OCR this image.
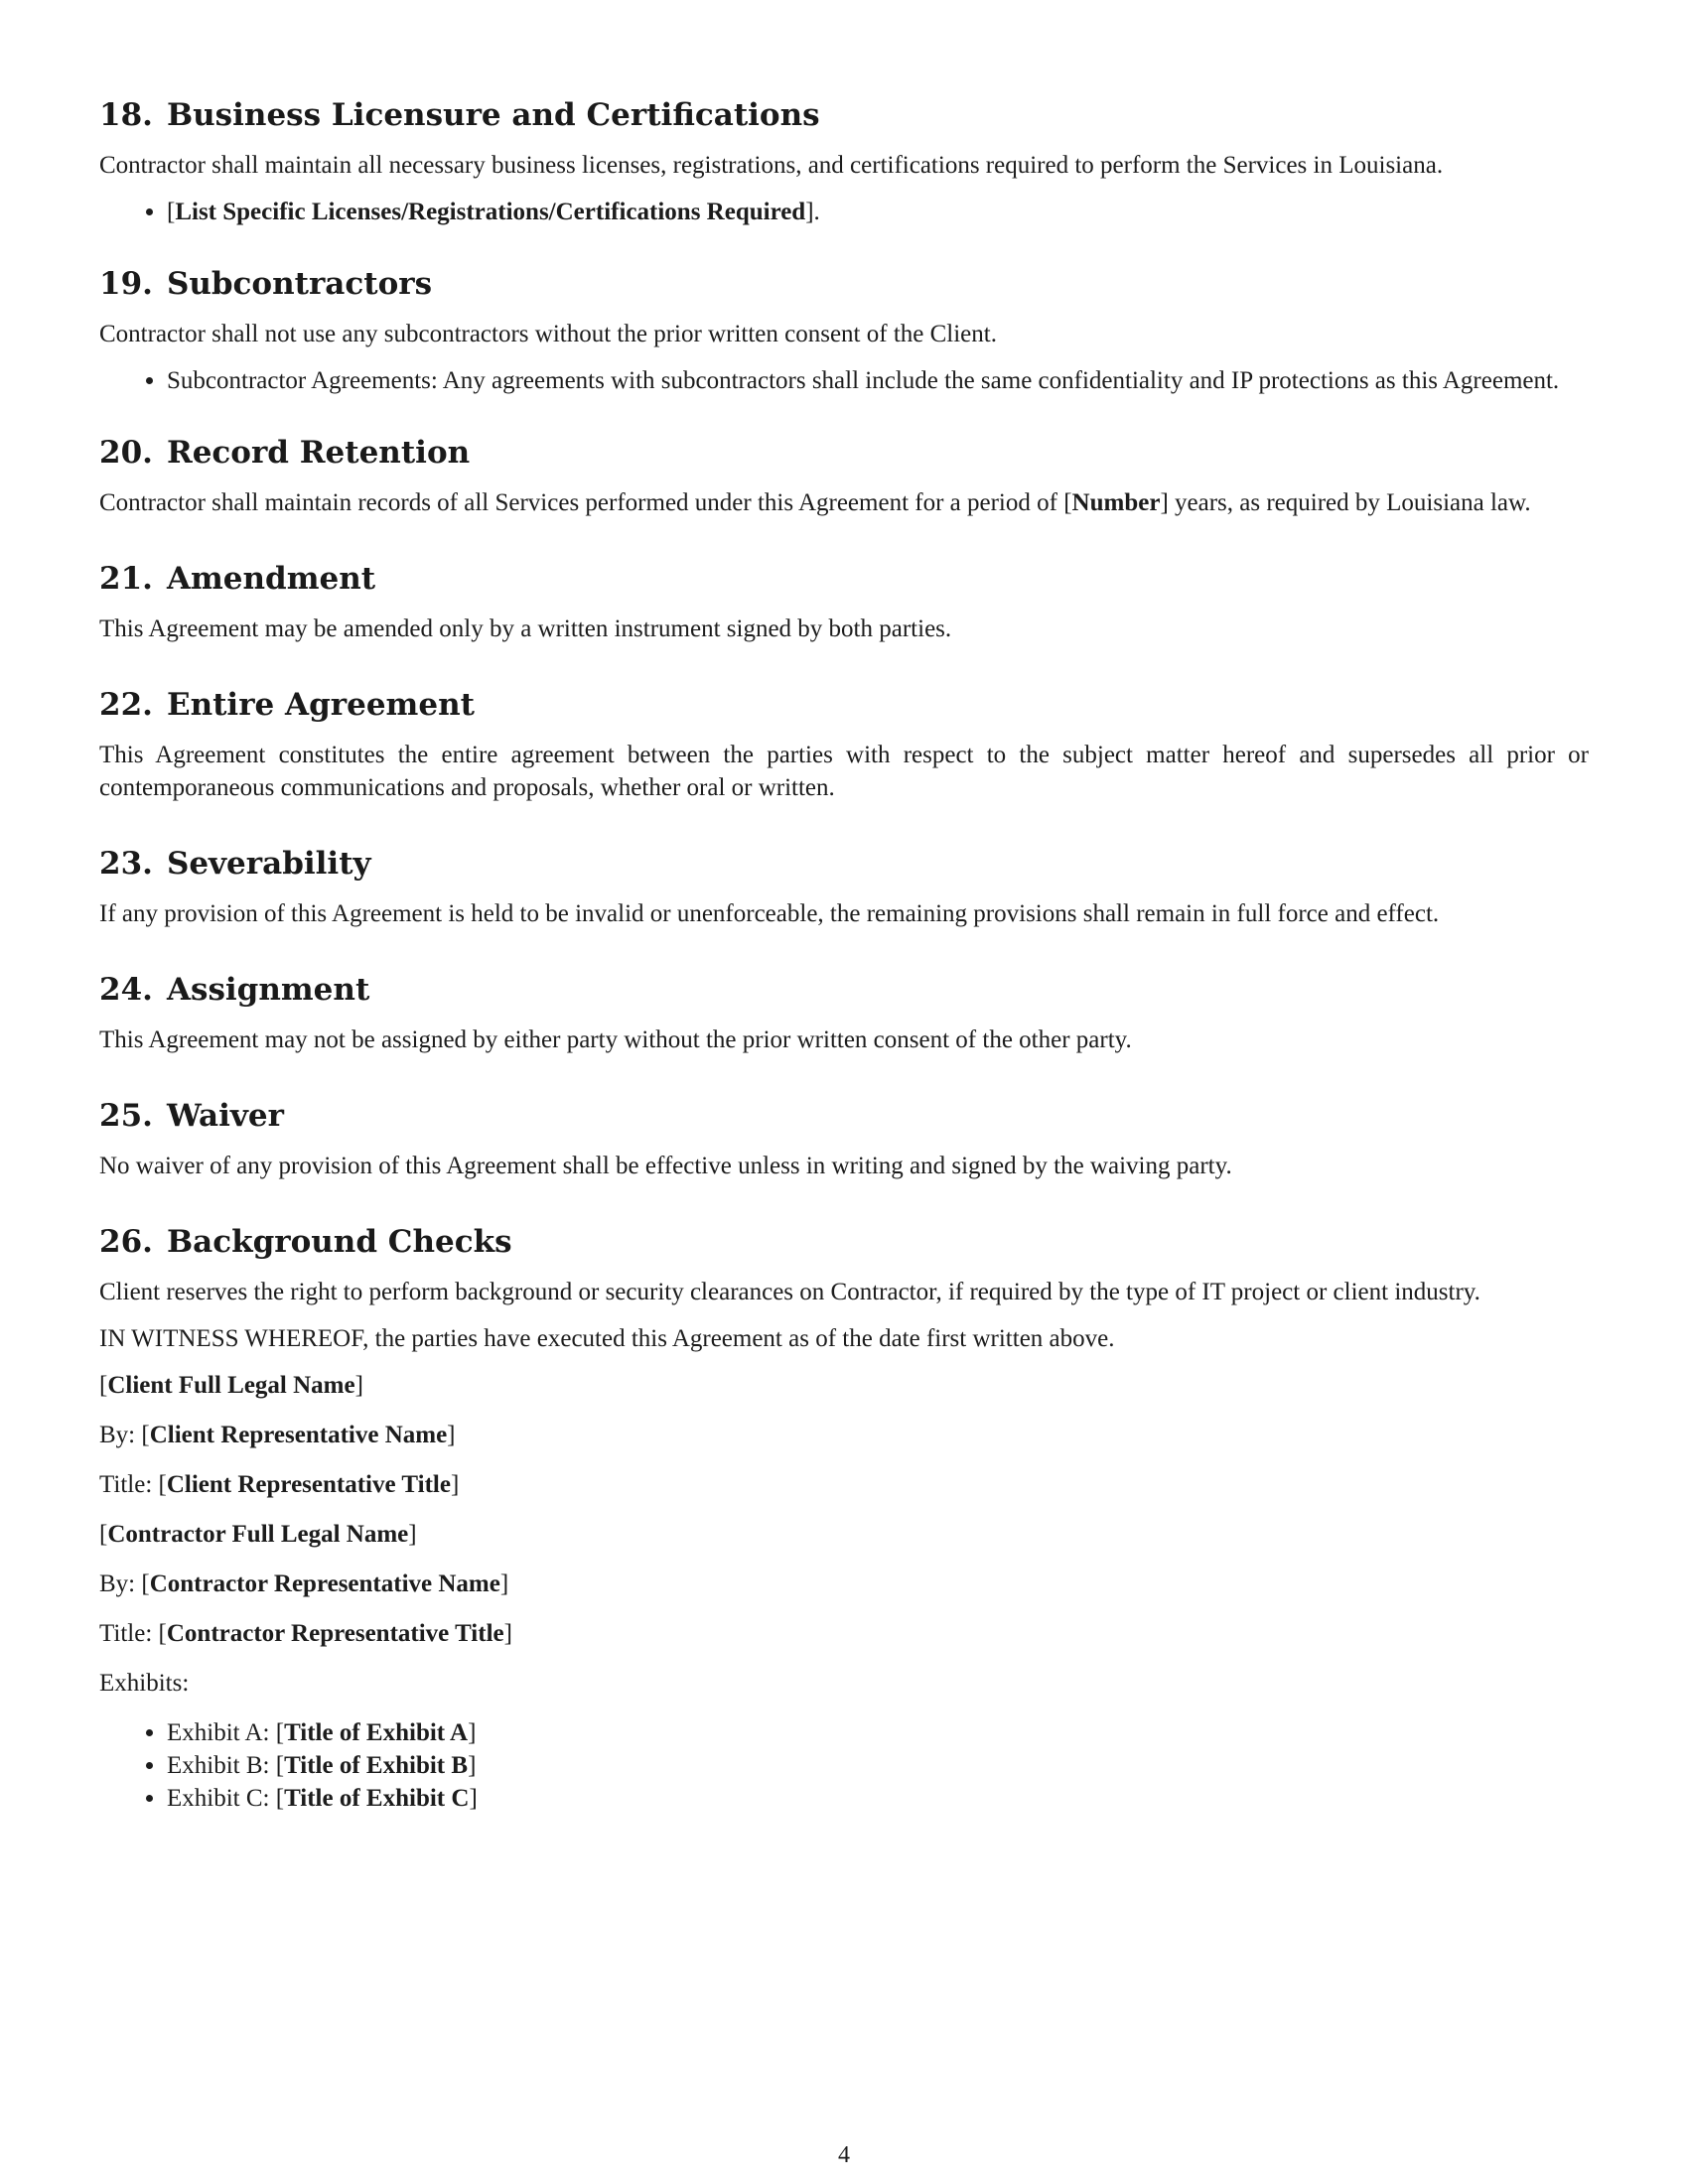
18. Business Licensure and Certifications

Contractor shall maintain all necessary business licenses, registrations, and certifications required to perform the Services in Louisiana.

• [List Specific Licenses/Registrations/Certifications Required].
19. Subcontractors

Contractor shall not use any subcontractors without the prior written consent of the Client.

• Subcontractor Agreements: Any agreements with subcontractors shall include the same confidentiality and IP protections as this Agreement.
20. Record Retention

Contractor shall maintain records of all Services performed under this Agreement for a period of [Number] years, as required by Louisiana law.

21. Amendment

This Agreement may be amended only by a written instrument signed by both parties.

22. Entire Agreement

This Agreement constitutes the entire agreement between the parties with respect to the subject matter hereof and supersedes all prior or contemporaneous communications and proposals, whether oral or written.

23. Severability

If any provision of this Agreement is held to be invalid or unenforceable, the remaining provisions shall remain in full force and effect.

24. Assignment

This Agreement may not be assigned by either party without the prior written consent of the other party.

25. Waiver

No waiver of any provision of this Agreement shall be effective unless in writing and signed by the waiving party.

26. Background Checks

Client reserves the right to perform background or security clearances on Contractor, if required by the type of IT project or client industry.

IN WITNESS WHEREOF, the parties have executed this Agreement as of the date first written above.

[Client Full Legal Name]
By: [Client Representative Name]
Title: [Client Representative Title]
[Contractor Full Legal Name]
By: [Contractor Representative Name]
Title: [Contractor Representative Title]
Exhibits:
• Exhibit A: [Title of Exhibit A]
• Exhibit B: [Title of Exhibit B]
• Exhibit C: [Title of Exhibit C]
4
